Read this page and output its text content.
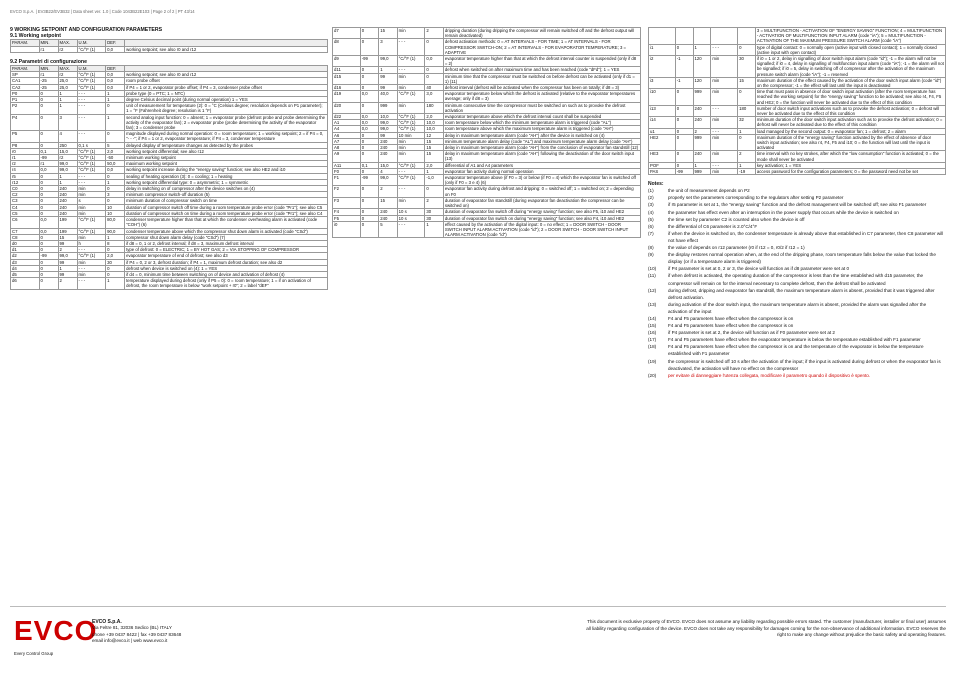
EVCO S.p.A. | EV3B22/EV3B32 | Data sheet ver. 1.0 | Code 1043B22E103 | Page 2 of 2 | PT 43/14
9 WORKING SETPOINT AND CONFIGURATION PARAMETERS
9.1 Working setpoint
PARAM.	MIN.	MAX.	U.M.	DEF.	
	r1	r2	°C/°F (1)	0,0	working setpoint; see also r0 and r12
9.2 Parametri di configurazione
PARAM.	MIN.	MAX.	U.M.	DEF.	
SP	r1	r2	°C/°F (1)	0,0	working setpoint; see also r0 and r12
CA1	-25	25,0	°C/°F (1)	0,0	room probe offset
CA2	-25	25,0	°C/°F (1)	0,0	if P4 = 1 or 2, evaporator probe offset; if P4 = 3, condenser probe offset
P0	0	1	- - -	1	probe type (0 = PTC; 1 = NTC)
P1	0	1	- - -	1	degree Celsius decimal point (during normal operation) 1 = YES
P2	0	1	- - -	0	unit of measurement for temperature (2): 0 = °C (Celsius degree; resolution depends on P1 parameter); 1 = °F (Fahrenheit degree; resolution is 1 °F)
P4	0	3	- - -	1	second analog input function: 0 = absent; 1 = evaporator probe (defrost probe and probe determining the activity of the evaporator fan); 2 = evaporator probe (probe determining the activity of the evaporator fan); 3 = condenser probe
P5	0	4	- - -	0	magnitude displayed during normal operation: 0 = room temperature; 1 = working setpoint; 2 = if P4 = 0, "- - -"; if P4 = 1 or 2, evaporator temperature; if P4 = 3, condenser temperature
P8	0	250	0,1 s	5	delayed display of temperature changes as detected by the probes
r0	0,1	15,0	°C/°F (1)	2,0	working setpoint differential; see also r12
r1	-99	r2	°C/°F (1)	-50	minimum working setpoint
r2	r1	99,0	°C/°F (1)	50,0	maximum working setpoint
r4	0,0	99,0	°C/°F (1)	0,0	working setpoint increase during the "energy saving" function; see also HE2 and i10
r5	0	1	- - -	0	sealing of heating operation (3): 0 = cooling; 1 = heating
r12	0	1	- - -	1	working setpoint differential type: 0 = asymmetric; 1 = symmetric
C0	0	240	min	0	delay in switching on of compressor after the device switches on (4)
C2	0	240	min	3	minimum compressor switch-off duration (5)
C3	0	240	s	0	minimum duration of compressor switch on time
C4	0	240	min	10	duration of compressor switch off time during a room temperature probe error (code "Pr1"); see also C5
C5	0	240	min	10	duration of compressor switch on time during a room temperature probe error (code "Pr1"); see also C4
C6	0,0	199	°C/°F (1)	80,0	condenser temperature higher than that at which the condenser overheating alarm is activated (code "COH") (6)
C7	0,0	199	°C/°F (1)	90,0	condenser temperature above which the compressor shut down alarm is activated (code "CSd")
C8	0	15	min	1	compressor shut down alarm delay (code "CSd") (7)
d0	0	99	h	8	if d8 = 0, 1 or 2, defrost interval; if d8 = 3, maximum defrost interval
d1	0	2	- - -	0	type of defrost: 0 = ELECTRIC; 1 = BY HOT GAS; 2 = VIA STOPPING OF COMPRESSOR
d2	-99	99,0	°C/°F (1)	2,0	evaporator temperature of end of defrost; see also d3
d3	0	99	min	30	if P4 = 0, 2 or 3, defrost duration; if P4 = 1, maximum defrost duration; see also d2
d4	0	1	- - -	0	defrost when device is switched on (4): 1 = YES
d5	0	99	min	0	if d4 = 0, minimum time between switching on of device and activation of defrost (4)
d6	0	2	- - -	1	temperature displayed during defrost (only if P5 = 0): 0 = room temperature; 1 = if on activation of defrost, the room temperature is below "work setpoint + r0"; 2 = label "dEF"
d7	0	15	min	2	dripping duration (during dripping the compressor will remain switched off and the defrost output will remain deactivated)
d8	0	3	- - -	0	defrost activation methods: 0 = AT INTERVALS - FOR TIME; 1 = AT INTERVALS - FOR COMPRESSOR SWITCH-ON; 2 = AT INTERVALS - FOR EVAPORATOR TEMPERATURE; 3 = ADAPTIVE
d9	-99	99,0	°C/°F (1)	0,0	evaporator temperature higher than that at which the defrost interval counter is suspended (only if d8 = 2)
d11	0	1	- - -	0	defrost when switched on after maximum time and has been reached (code "dFd"); 1 = YES
d15	0	99	min	0	minimum time that the compressor must be switched on before defrost can be activated (only if d1 = 1) (11)
d16	0	99	min	40	defrost interval (defrost will be activated when the compressor has been on totally; if d8 = 3)
d19	0,0	40,0	°C/°F (1)	3,0	evaporator temperature below which the defrost is activated (relative to the evaporator temperatures average; only if d8 = 3)
d20	0	999	min	180	minimum consecutive time the compressor must be switched on such as to provoke the defrost activation
d22	0,0	10,0	°C/°F (1)	2,0	evaporator temperature above which the defrost interval count shall be suspended
A1	0,0	99,0	°C/°F (1)	10,0	room temperature below which the minimum temperature alarm is triggered (code "AL")
A4	0,0	99,0	°C/°F (1)	10,0	room temperature above which the maximum temperature alarm is triggered (code "AH")
A6	0	99	10 min	12	delay in maximum temperature alarm (code "AH") after the device is switched on (4)
A7	0	240	min	15	minimum temperature alarm delay (code "AL") and maximum temperature alarm delay (code "AH")
A8	0	240	min	15	delay in maximum temperature alarm (code "AH") from the conclusion of evaporator fan standstill (12)
A9	0	240	min	15	delay in maximum temperature alarm (code "AH") following the deactivation of the door switch input (13)
A11	0,1	15,0	°C/°F (1)	2,0	differential of A1 and A4 parameters
F0	0	4	- - -	1	evaporator fan activity during normal operation
F1	-99	99,0	°C/°F (1)	-1,0	evaporator temperature above (if F0 = 3) or below (if F0 = 4) which the evaporator fan is switched off (only if F0 = 3 e 4) (6)
F2	0	2	- - -	0	evaporator fan activity during defrost and dripping: 0 = switched off; 1 = switched on; 2 = depending on F0
F3	0	15	min	2	duration of evaporator fan standstill (during evaporator fan deactivation the compressor can be switched on)
F4	0	240	10 s	30	duration of evaporator fan switch off during "energy saving" function; see also F5, i10 and HE2
F5	0	240	10 s	30	duration of evaporator fan switch on during "energy saving" function; see also F4, i10 and HE2
i0	0	5	- - -	1	effect caused by the activation of the digital input: 0 = no effect; 1 = DOOR SWITCH - DOOR SWITCH INPUT ALARM ACTIVATION (code "id"); 2 = DOOR SWITCH - DOOR SWITCH INPUT ALARM ACTIVATION (code "id")
					3 = MULTIFUNCTION - ACTIVATION OF "ENERGY SAVING" FUNCTION; 4 = MULTIFUNCTION - ACTIVATION OF MULTIFUNCTION INPUT ALARM (code "iA"); 5 = MULTIFUNCTION - ACTIVATION OF THE MAXIMUM PRESSURE SWITCH ALARM (code "iA")
i1	0	1	- - -	0	type of digital contact: 0 = normally open (active input with closed contact); 1 = normally closed (active input with open contact)
i2	-1	120	min	30	if i0 = 1 or 2, delay in signalling of door switch input alarm (code "id"); -1 = the alarm will not be signalled; if i0 = 4, delay in signalling of multifunction input alarm (code "iA"); -1 = the alarm will not be signalled; if i0 = 5, delay in switching off of compressor after the activation of the maximum pressure switch alarm (code "iA"); -1 = reserved
i3	-1	120	min	15	maximum duration of the effect caused by the activation of the door switch input alarm (code "id") on the compressor; -1 = the effect will last until the input is deactivated
i10	0	999	min	0	time that must pass in absence of door switch input activation (after the room temperature has reached the working setpoint) for the "energy saving" function to be activated; see also r4, F4, F5 and HE2; 0 = the function will never be activated due to the effect of this condition
i13	0	240	- - -	180	number of door switch input activations such as to provoke the defrost activation; 0 = defrost will never be activated due to the effect of this condition
i14	0	240	min	32	minimum duration of the door switch input activation such as to provoke the defrost activation; 0 = defrost will never be activated due to the effect of this condition
u1	0	2	- - -	1	load managed by the second output: 0 = evaporator fan; 1 = defrost; 2 = alarm
HE2	0	999	min	0	maximum duration of the "energy saving" function activated by the effect of absence of door switch input activation; see also r4, F4, F5 and i10; 0 = the function will last until the input is activated
HE3	0	240	min	2	time interval with no key strokes, after which the "low consumption" function is activated; 0 = the mode shall never be activated
POF	0	1	- - -	1	key activation; 1 = YES
PAS	-99	999	min	-19	access password for the configuration parameters; 0 = the password need not be set
Notes:
(1)	the unit of measurement depends on P2
(2)	properly set the parameters corresponding to the regulators after setting P2 parameter
(3)	if r5 parameter is set at 1, the "energy saving" function and the defrost management will be switched off; see also F1 parameter
(4)	the parameter has effect even after an interruption in the power supply that occurs while the device is switched on
(5)	the time set by parameter C2 is counted also when the device is off
(6)	the differential of C6 parameter is 2.0°C/4°F
(7)	if when the device is switched on, the condenser temperature is already above that established in C7 parameter, then C8 parameter will not have effect
(8)	the value of depends on r12 parameter (r0 if r12 = 0, r0/2 if r12 = 1)
(9)	the display restores normal operation when, at the end of the dripping phase, room temperature falls below the value that locked the display (or if a temperature alarm is triggered)
(10)	if P4 parameter is set at 0, 2 or 3, the device will function as if d8 parameter were set at 0
(11)	if when defrost is activated, the operating duration of the compressor is less than the time established with d15 parameter, the compressor will remain on for the interval necessary to complete defrost, then the defrost shall be activated
(12)	during defrost, dripping and evaporator fan standstill, the maximum temperature alarm is absent, provided that it was triggered after defrost activation.
(13)	during activation of the door switch input, the maximum temperature alarm is absent, provided the alarm was signalled after the activation of the input
(14)	F4 and F5 parameters have effect when the compressor is on
(15)	F4 and F5 parameters have effect when the compressor is on
(16)	if P4 parameter is set at 2, the device will function as if F0 parameter were set at 2
(17)	F4 and F5 parameters have effect when the evaporator temperature is below the temperature established with F1 parameter
(18)	F4 and F5 parameters have effect when the compressor is on and the temperature of the evaporator is below the temperature established with F1 parameter
(19)	the compressor is switched off 10 s after the activation of the input; if the input is activated during defrost or when the evaporator fan is deactivated, the activation will have no effect on the compressor
(20)	per evitare di danneggiare l'utenza collegata, modificare il parametro quando il dispositivo è spento.
EVCO
Every Control Group
EVCO S.p.A.
Via Feltre 81, 32036 Sedico (BL) ITALY
phone +39 0437 8422 | fax +39 0437 83648
email info@evco.it | web www.evco.it
This document is exclusive property of EVCO. EVCO does not assume any liability regarding possible errors stated. The customer (manufacturer, installer or final user) assumes all liability regarding configuration of the device. EVCO does not take any responsibility for damages coming for the non-observance of additional information. EVCO reserves the right to make any change without prejudice the basic safety and operating features.
